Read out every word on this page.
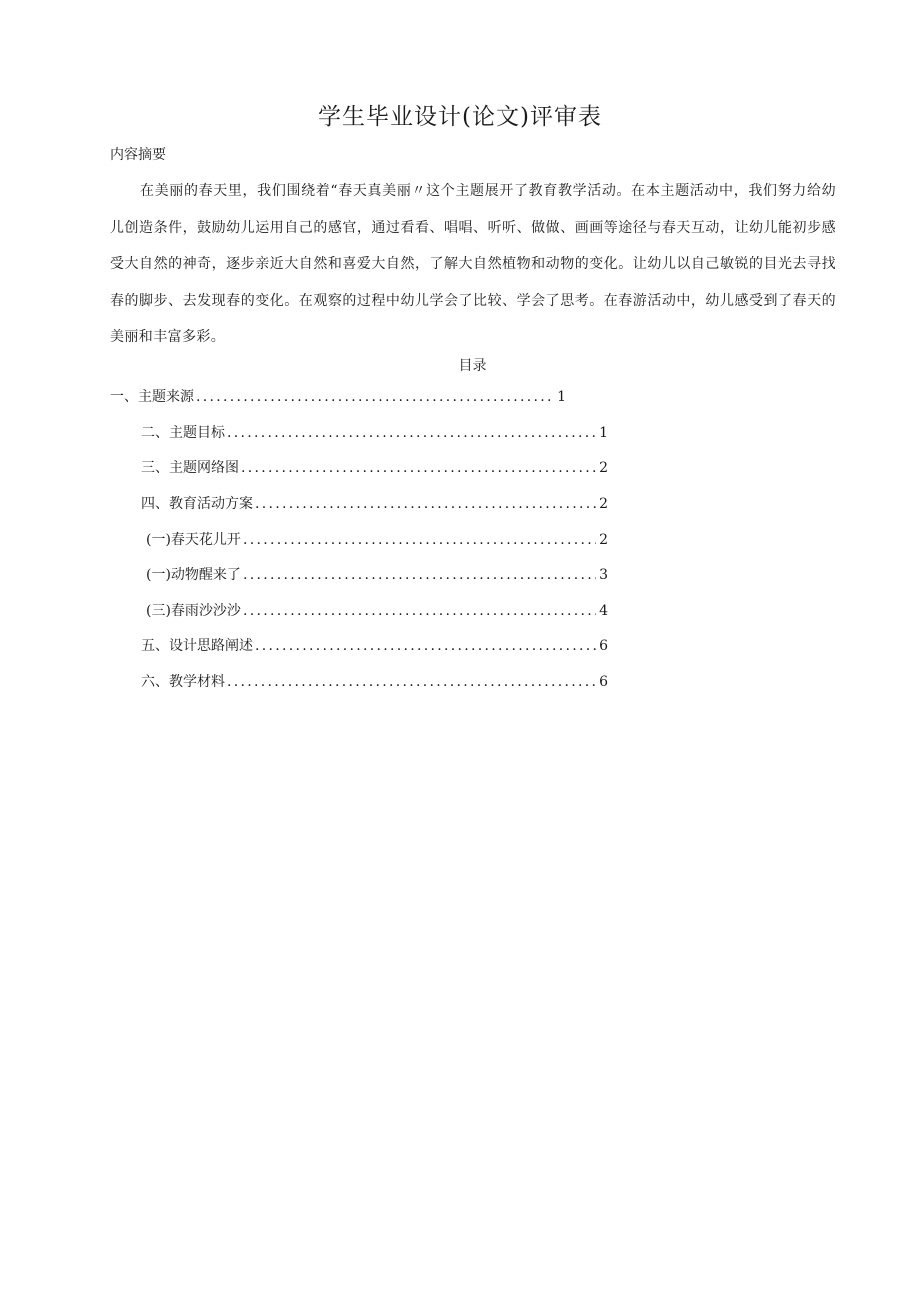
学生毕业设计(论文)评审表
内容摘要

在美丽的春天里，我们围绕着“春天真美丽〃这个主题展开了教育教学活动。在本主题活动中，我们努力给幼儿创造条件，鼓励幼儿运用自己的感官，通过看看、唱唱、听听、做做、画画等途径与春天互动，让幼儿能初步感受大自然的神奇，逐步亲近大自然和喜爱大自然，了解大自然植物和动物的变化。让幼儿以自己敏锐的目光去寻找春的脚步、去发现春的变化。在观察的过程中幼儿学会了比较、学会了思考。在春游活动中，幼儿感受到了春天的美丽和丰富多彩。

目录
一、主题来源 .....	1
二、主题目标 .....	1
三、主题网络图 .....	2
四、教育活动方案 .....	2
(一)春天花儿开 .....	2
(一)动物醒来了 .....	3
(三)春雨沙沙沙 .....	4
五、设计思路阐述 .....	6
六、教学材料 .....	6
